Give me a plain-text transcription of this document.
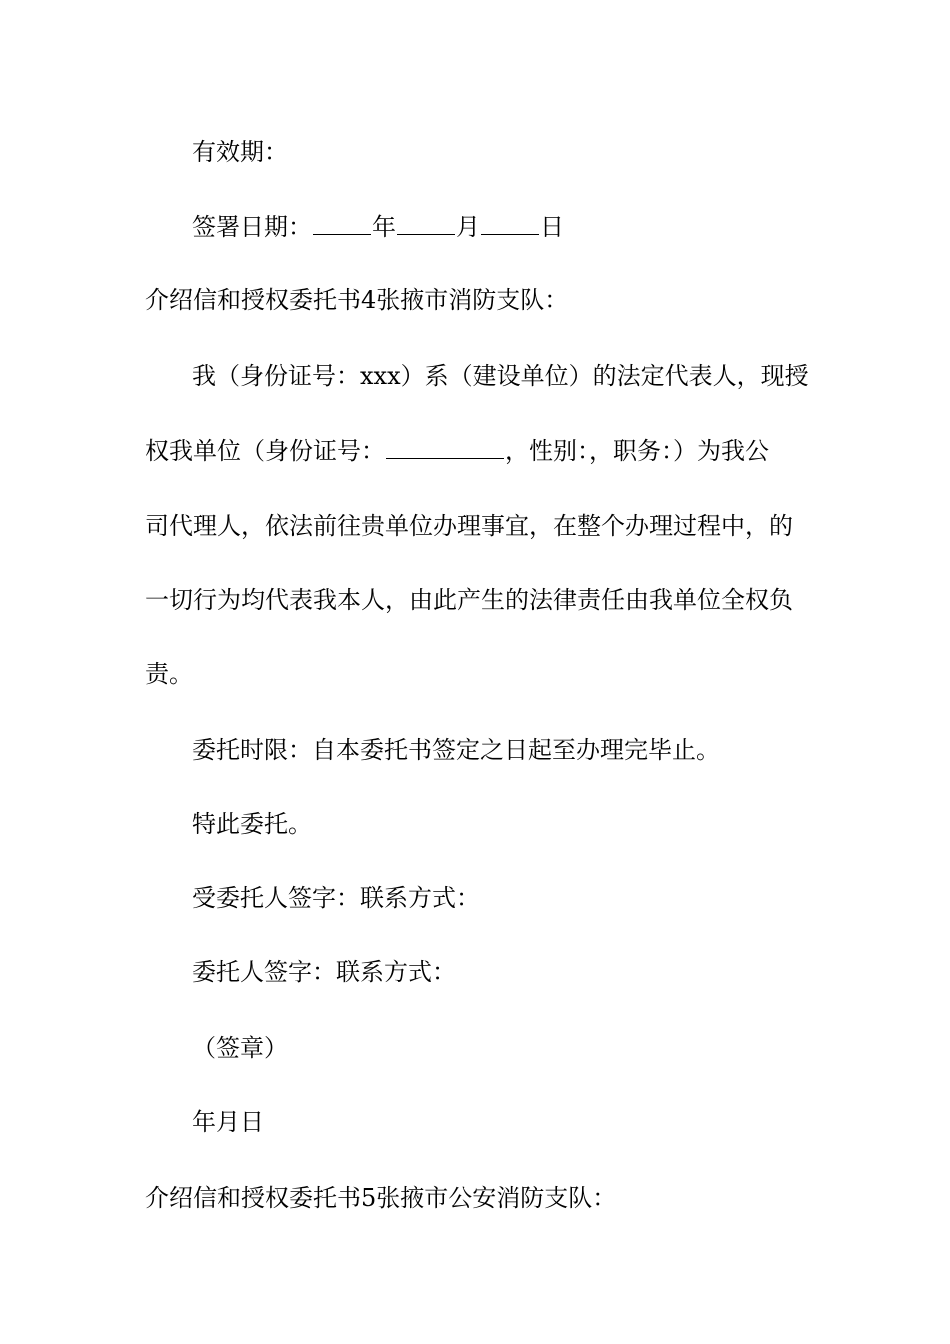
有效期：

签署日期：	年	月	日

介绍信和授权委托书4张掖市消防支队：

我（身份证号：xxx）系（建设单位）的法定代表人，现授

权我单位（身份证号：	，性别：，职务：）为我公

司代理人，依法前往贵单位办理事宜，在整个办理过程中，的

一切行为均代表我本人，由此产生的法律责任由我单位全权负

责。

委托时限：自本委托书签定之日起至办理完毕止。

特此委托。

受委托人签字：联系方式：

委托人签字：联系方式：

（签章）

年月日

介绍信和授权委托书5张掖市公安消防支队：
